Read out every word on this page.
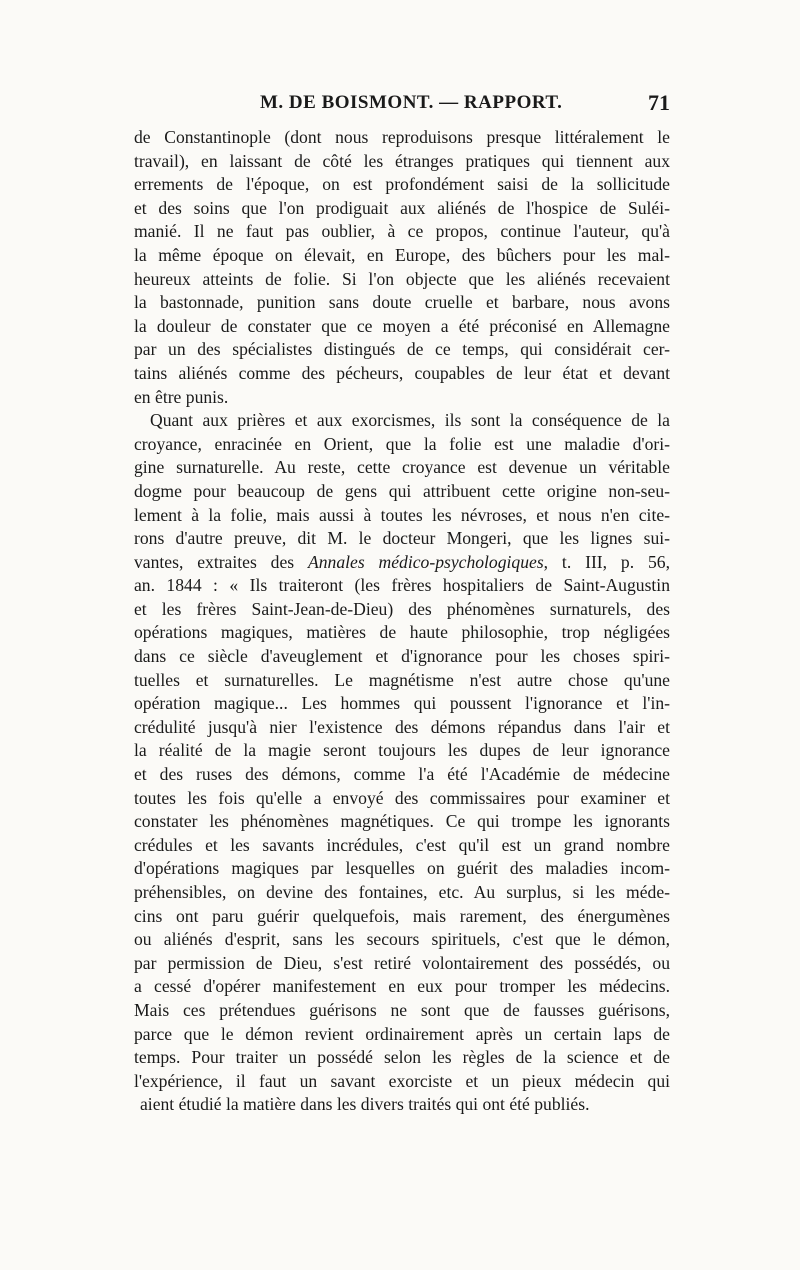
M. DE BOISMONT. — RAPPORT.	71
de Constantinople (dont nous reproduisons presque littéralement le
travail), en laissant de côté les étranges pratiques qui tiennent aux
errements de l'époque, on est profondément saisi de la sollicitude
et des soins que l'on prodiguait aux aliénés de l'hospice de Suléi-
manié. Il ne faut pas oublier, à ce propos, continue l'auteur, qu'à
la même époque on élevait, en Europe, des bûchers pour les mal-
heureux atteints de folie. Si l'on objecte que les aliénés recevaient
la bastonnade, punition sans doute cruelle et barbare, nous avons
la douleur de constater que ce moyen a été préconisé en Allemagne
par un des spécialistes distingués de ce temps, qui considérait cer-
tains aliénés comme des pécheurs, coupables de leur état et devant
en être punis.
Quant aux prières et aux exorcismes, ils sont la conséquence de la
croyance, enracinée en Orient, que la folie est une maladie d'ori-
gine surnaturelle. Au reste, cette croyance est devenue un véritable
dogme pour beaucoup de gens qui attribuent cette origine non-seu-
lement à la folie, mais aussi à toutes les névroses, et nous n'en cite-
rons d'autre preuve, dit M. le docteur Mongeri, que les lignes sui-
vantes, extraites des Annales médico-psychologiques, t. III, p. 56,
an. 1844 : « Ils traiteront (les frères hospitaliers de Saint-Augustin
et les frères Saint-Jean-de-Dieu) des phénomènes surnaturels, des
opérations magiques, matières de haute philosophie, trop négligées
dans ce siècle d'aveuglement et d'ignorance pour les choses spiri-
tuelles et surnaturelles. Le magnétisme n'est autre chose qu'une
opération magique... Les hommes qui poussent l'ignorance et l'in-
crédulité jusqu'à nier l'existence des démons répandus dans l'air et
la réalité de la magie seront toujours les dupes de leur ignorance
et des ruses des démons, comme l'a été l'Académie de médecine
toutes les fois qu'elle a envoyé des commissaires pour examiner et
constater les phénomènes magnétiques. Ce qui trompe les ignorants
crédules et les savants incrédules, c'est qu'il est un grand nombre
d'opérations magiques par lesquelles on guérit des maladies incom-
préhensibles, on devine des fontaines, etc. Au surplus, si les méde-
cins ont paru guérir quelquefois, mais rarement, des énergumènes
ou aliénés d'esprit, sans les secours spirituels, c'est que le démon,
par permission de Dieu, s'est retiré volontairement des possédés, ou
a cessé d'opérer manifestement en eux pour tromper les médecins.
Mais ces prétendues guérisons ne sont que de fausses guérisons,
parce que le démon revient ordinairement après un certain laps de
temps. Pour traiter un possédé selon les règles de la science et de
l'expérience, il faut un savant exorciste et un pieux médecin qui
aient étudié la matière dans les divers traités qui ont été publiés.
